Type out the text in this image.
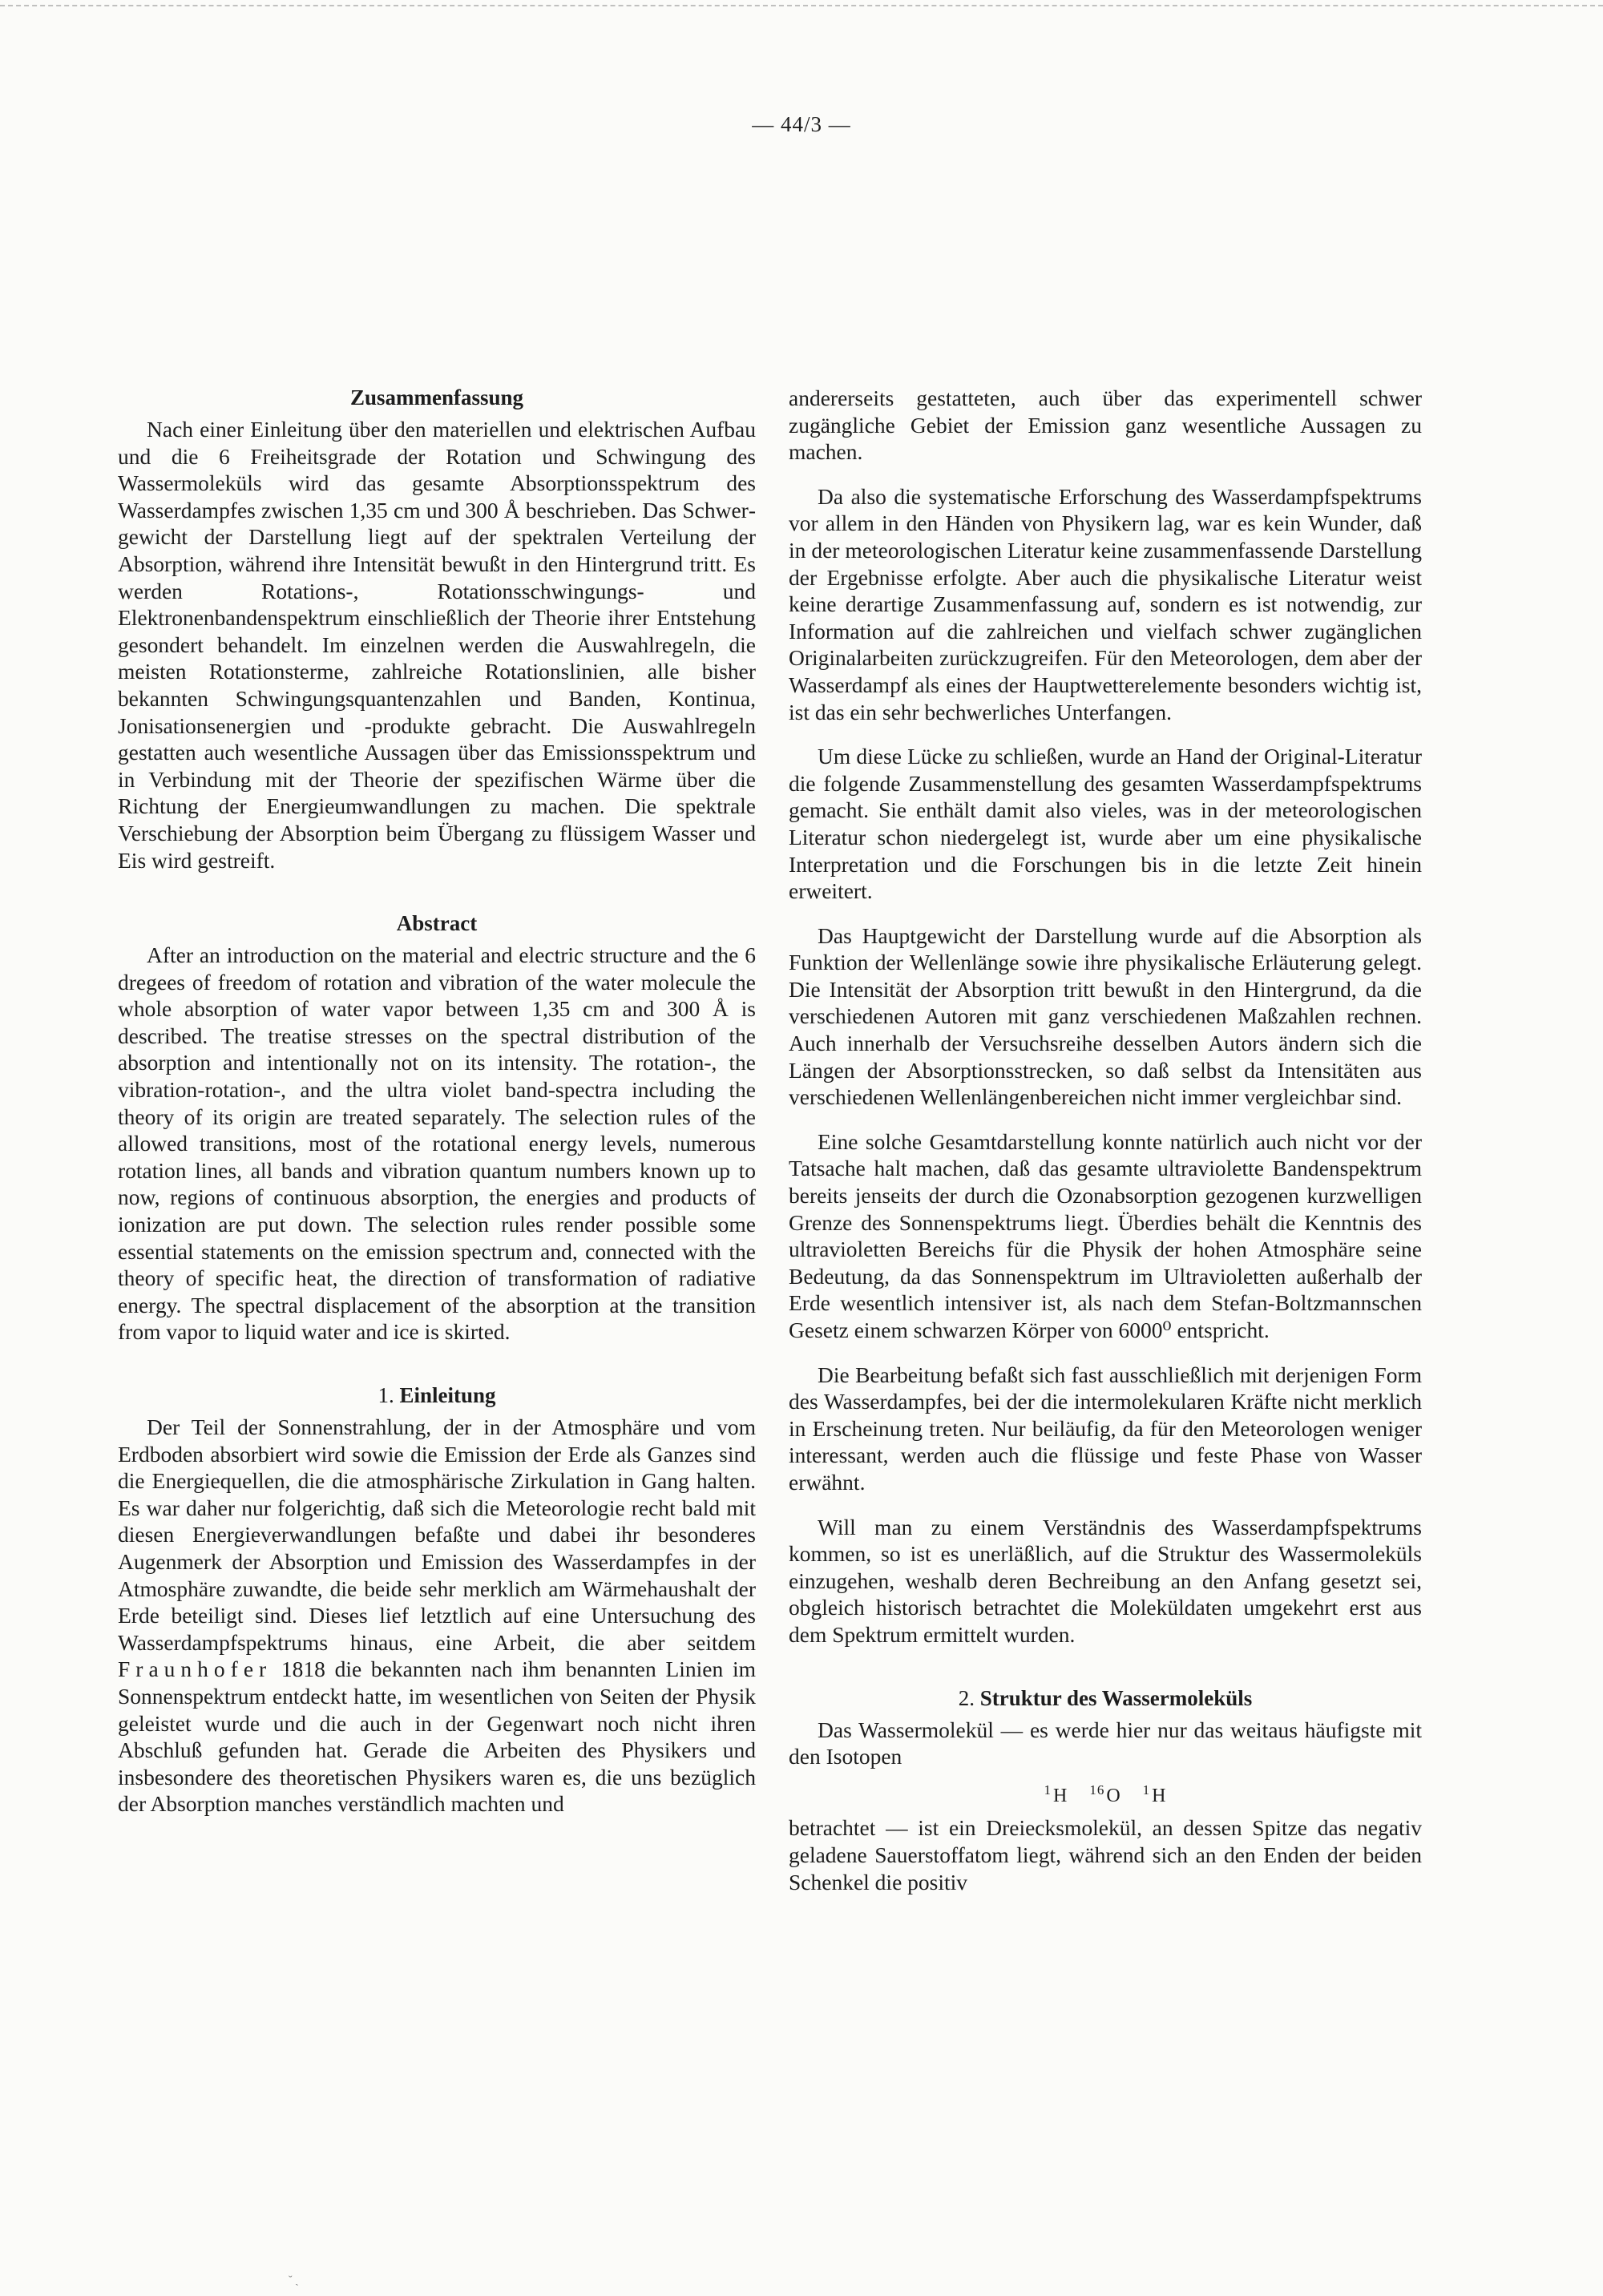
— 44/3 —
Zusammenfassung

Nach einer Einleitung über den materiellen und elektrischen Aufbau und die 6 Freiheitsgrade der Rotation und Schwingung des Wassermoleküls wird das gesamte Absorptionsspektrum des Wasserdampfes zwischen 1,35 cm und 300 Å beschrieben. Das Schwergewicht der Darstellung liegt auf der spektralen Verteilung der Absorption, während ihre Intensität bewußt in den Hintergrund tritt. Es werden Rotations-, Rotationsschwingungs- und Elektronenbandenspektrum einschließlich der Theorie ihrer Entstehung gesondert behandelt. Im einzelnen werden die Auswahlregeln, die meisten Rotationsterme, zahlreiche Rotationslinien, alle bisher bekannten Schwingungsquantenzahlen und Banden, Kontinua, Jonisationsenergien und -produkte gebracht. Die Auswahlregeln gestatten auch wesentliche Aussagen über das Emissionsspektrum und in Verbindung mit der Theorie der spezifischen Wärme über die Richtung der Energieumwandlungen zu machen. Die spektrale Verschiebung der Absorption beim Übergang zu flüssigem Wasser und Eis wird gestreift.

Abstract

After an introduction on the material and electric structure and the 6 dregees of freedom of rotation and vibration of the water molecule the whole absorption of water vapor between 1,35 cm and 300 Å is described. The treatise stresses on the spectral distribution of the absorption and intentionally not on its intensity. The rotation-, the vibration-rotation-, and the ultra violet band-spectra including the theory of its origin are treated separately. The selection rules of the allowed transitions, most of the rotational energy levels, numerous rotation lines, all bands and vibration quantum numbers known up to now, regions of continuous absorption, the energies and products of ionization are put down. The selection rules render possible some essential statements on the emission spectrum and, connected with the theory of specific heat, the direction of transformation of radiative energy. The spectral displacement of the absorption at the transition from vapor to liquid water and ice is skirted.

1. Einleitung

Der Teil der Sonnenstrahlung, der in der Atmosphäre und vom Erdboden absorbiert wird sowie die Emission der Erde als Ganzes sind die Energiequellen, die die atmosphärische Zirkulation in Gang halten. Es war daher nur folgerichtig, daß sich die Meteorologie recht bald mit diesen Energieverwandlungen befaßte und dabei ihr besonderes Augenmerk der Absorption und Emission des Wasserdampfes in der Atmosphäre zuwandte, die beide sehr merklich am Wärmehaushalt der Erde beteiligt sind. Dieses lief letztlich auf eine Untersuchung des Wasserdampfspektrums hinaus, eine Arbeit, die aber seitdem Fraunhofer 1818 die bekannten nach ihm benannten Linien im Sonnenspektrum entdeckt hatte, im wesentlichen von Seiten der Physik geleistet wurde und die auch in der Gegenwart noch nicht ihren Abschluß gefunden hat. Gerade die Arbeiten des Physikers und insbesondere des theoretischen Physikers waren es, die uns bezüglich der Absorption manches verständlich machten und

andererseits gestatteten, auch über das experimentell schwer zugängliche Gebiet der Emission ganz wesentliche Aussagen zu machen.

Da also die systematische Erforschung des Wasserdampfspektrums vor allem in den Händen von Physikern lag, war es kein Wunder, daß in der meteorologischen Literatur keine zusammenfassende Darstellung der Ergebnisse erfolgte. Aber auch die physikalische Literatur weist keine derartige Zusammenfassung auf, sondern es ist notwendig, zur Information auf die zahlreichen und vielfach schwer zugänglichen Originalarbeiten zurückzugreifen. Für den Meteorologen, dem aber der Wasserdampf als eines der Hauptwetterelemente besonders wichtig ist, ist das ein sehr bechwerliches Unterfangen.

Um diese Lücke zu schließen, wurde an Hand der Original-Literatur die folgende Zusammenstellung des gesamten Wasserdampfspektrums gemacht. Sie enthält damit also vieles, was in der meteorologischen Literatur schon niedergelegt ist, wurde aber um eine physikalische Interpretation und die Forschungen bis in die letzte Zeit hinein erweitert.

Das Hauptgewicht der Darstellung wurde auf die Absorption als Funktion der Wellenlänge sowie ihre physikalische Erläuterung gelegt. Die Intensität der Absorption tritt bewußt in den Hintergrund, da die verschiedenen Autoren mit ganz verschiedenen Maßzahlen rechnen. Auch innerhalb der Versuchsreihe desselben Autors ändern sich die Längen der Absorptionsstrecken, so daß selbst da Intensitäten aus verschiedenen Wellenlängenbereichen nicht immer vergleichbar sind.

Eine solche Gesamtdarstellung konnte natürlich auch nicht vor der Tatsache halt machen, daß das gesamte ultraviolette Bandenspektrum bereits jenseits der durch die Ozonabsorption gezogenen kurzwelligen Grenze des Sonnenspektrums liegt. Überdies behält die Kenntnis des ultravioletten Bereichs für die Physik der hohen Atmosphäre seine Bedeutung, da das Sonnenspektrum im Ultravioletten außerhalb der Erde wesentlich intensiver ist, als nach dem Stefan-Boltzmannschen Gesetz einem schwarzen Körper von 6000⁰ entspricht.

Die Bearbeitung befaßt sich fast ausschließlich mit derjenigen Form des Wasserdampfes, bei der die intermolekularen Kräfte nicht merklich in Erscheinung treten. Nur beiläufig, da für den Meteorologen weniger interessant, werden auch die flüssige und feste Phase von Wasser erwähnt.

Will man zu einem Verständnis des Wasserdampfspektrums kommen, so ist es unerläßlich, auf die Struktur des Wassermoleküls einzugehen, weshalb deren Bechreibung an den Anfang gesetzt sei, obgleich historisch betrachtet die Moleküldaten umgekehrt erst aus dem Spektrum ermittelt wurden.

2. Struktur des Wassermoleküls

Das Wassermolekül — es werde hier nur das weitaus häufigste mit den Isotopen

$^1$H $^{16}$O $^1$H

betrachtet — ist ein Dreiecksmolekül, an dessen Spitze das negativ geladene Sauerstoffatom liegt, während sich an den Enden der beiden Schenkel die positiv

˘ ˎ
